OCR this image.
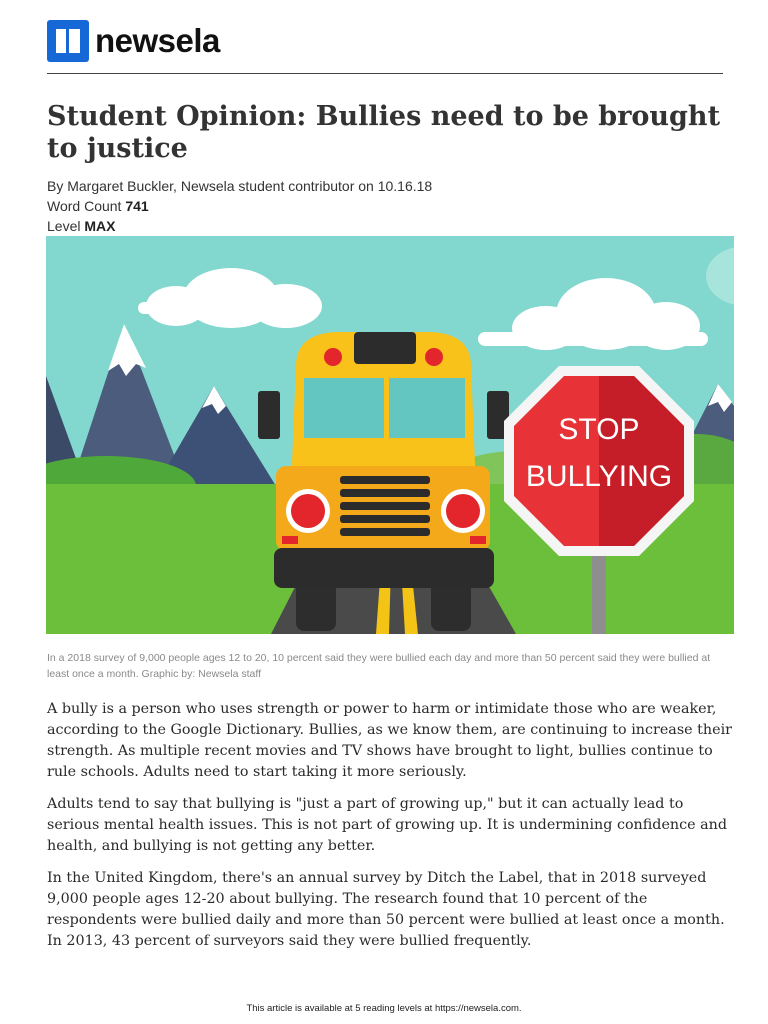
newsela
Student Opinion: Bullies need to be brought to justice
By Margaret Buckler, Newsela student contributor on 10.16.18
Word Count 741
Level MAX
STOP
BULLYING
In a 2018 survey of 9,000 people ages 12 to 20, 10 percent said they were bullied each day and more than 50 percent said they were bullied at least once a month. Graphic by: Newsela staff

A bully is a person who uses strength or power to harm or intimidate those who are weaker, according to the Google Dictionary. Bullies, as we know them, are continuing to increase their strength. As multiple recent movies and TV shows have brought to light, bullies continue to rule schools. Adults need to start taking it more seriously.

Adults tend to say that bullying is "just a part of growing up," but it can actually lead to serious mental health issues. This is not part of growing up. It is undermining confidence and health, and bullying is not getting any better.

In the United Kingdom, there's an annual survey by Ditch the Label, that in 2018 surveyed 9,000 people ages 12-20 about bullying. The research found that 10 percent of the respondents were bullied daily and more than 50 percent were bullied at least once a month. In 2013, 43 percent of surveyors said they were bullied frequently.

This article is available at 5 reading levels at https://newsela.com.
